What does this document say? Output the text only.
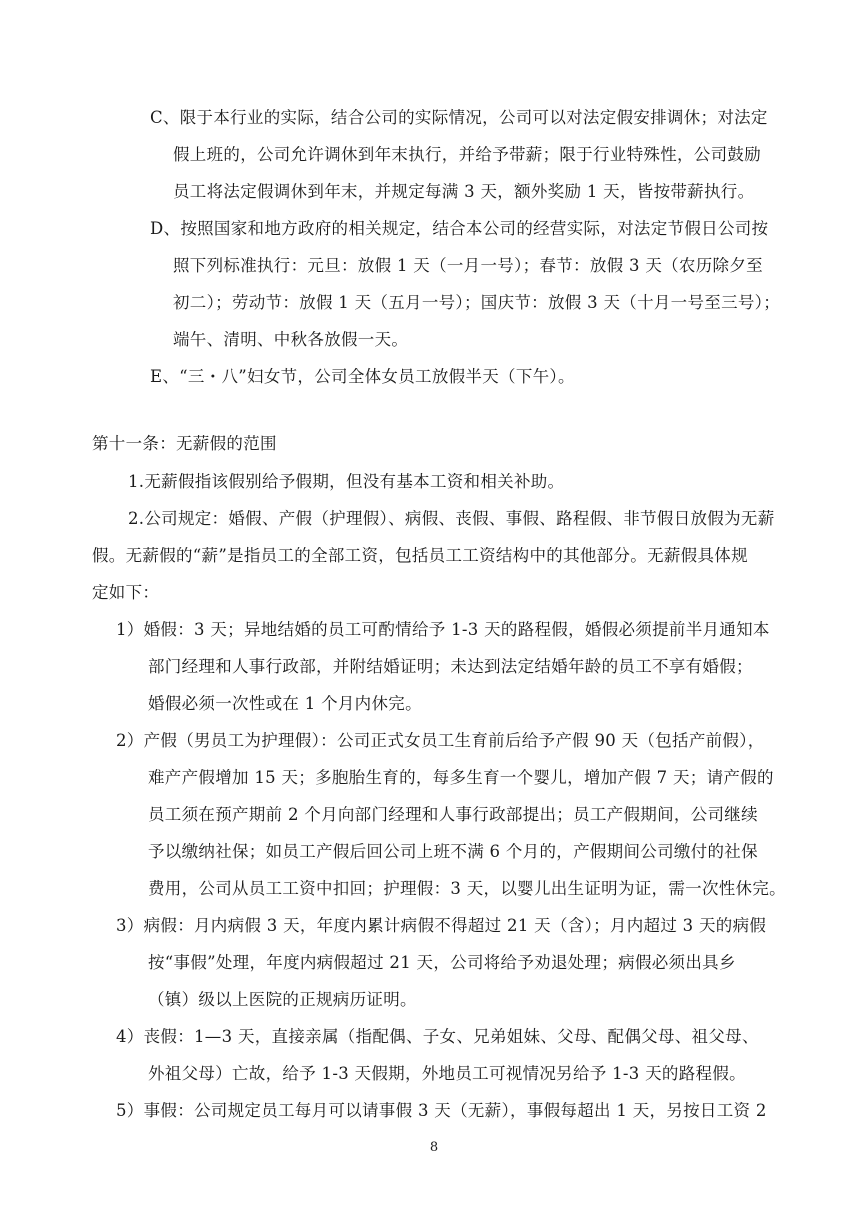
C、限于本行业的实际，结合公司的实际情况，公司可以对法定假安排调休；对法定
假上班的，公司允许调休到年末执行，并给予带薪；限于行业特殊性，公司鼓励
员工将法定假调休到年末，并规定每满 3 天，额外奖励 1 天，皆按带薪执行。
D、按照国家和地方政府的相关规定，结合本公司的经营实际，对法定节假日公司按
照下列标准执行：元旦：放假 1 天（一月一号）；春节：放假 3 天（农历除夕至
初二）；劳动节：放假 1 天（五月一号）；国庆节：放假 3 天（十月一号至三号）；
端午、清明、中秋各放假一天。
E、“三・八”妇女节，公司全体女员工放假半天（下午）。
第十一条：无薪假的范围
1.无薪假指该假别给予假期，但没有基本工资和相关补助。
2.公司规定：婚假、产假（护理假）、病假、丧假、事假、路程假、非节假日放假为无薪
假。无薪假的“薪”是指员工的全部工资，包括员工工资结构中的其他部分。无薪假具体规
定如下：
1）婚假：3 天；异地结婚的员工可酌情给予 1-3 天的路程假，婚假必须提前半月通知本
部门经理和人事行政部，并附结婚证明；未达到法定结婚年龄的员工不享有婚假；
婚假必须一次性或在 1 个月内休完。
2）产假（男员工为护理假）：公司正式女员工生育前后给予产假 90 天（包括产前假），
难产产假增加 15 天；多胞胎生育的，每多生育一个婴儿，增加产假 7 天；请产假的
员工须在预产期前 2 个月向部门经理和人事行政部提出；员工产假期间，公司继续
予以缴纳社保；如员工产假后回公司上班不满 6 个月的，产假期间公司缴付的社保
费用，公司从员工工资中扣回；护理假：3 天，以婴儿出生证明为证，需一次性休完。
3）病假：月内病假 3 天，年度内累计病假不得超过 21 天（含）；月内超过 3 天的病假
按“事假”处理，年度内病假超过 21 天，公司将给予劝退处理；病假必须出具乡
（镇）级以上医院的正规病历证明。
4）丧假：1—3 天，直接亲属（指配偶、子女、兄弟姐妹、父母、配偶父母、祖父母、
外祖父母）亡故，给予 1-3 天假期，外地员工可视情况另给予 1-3 天的路程假。
5）事假：公司规定员工每月可以请事假 3 天（无薪），事假每超出 1 天，另按日工资 2
8
